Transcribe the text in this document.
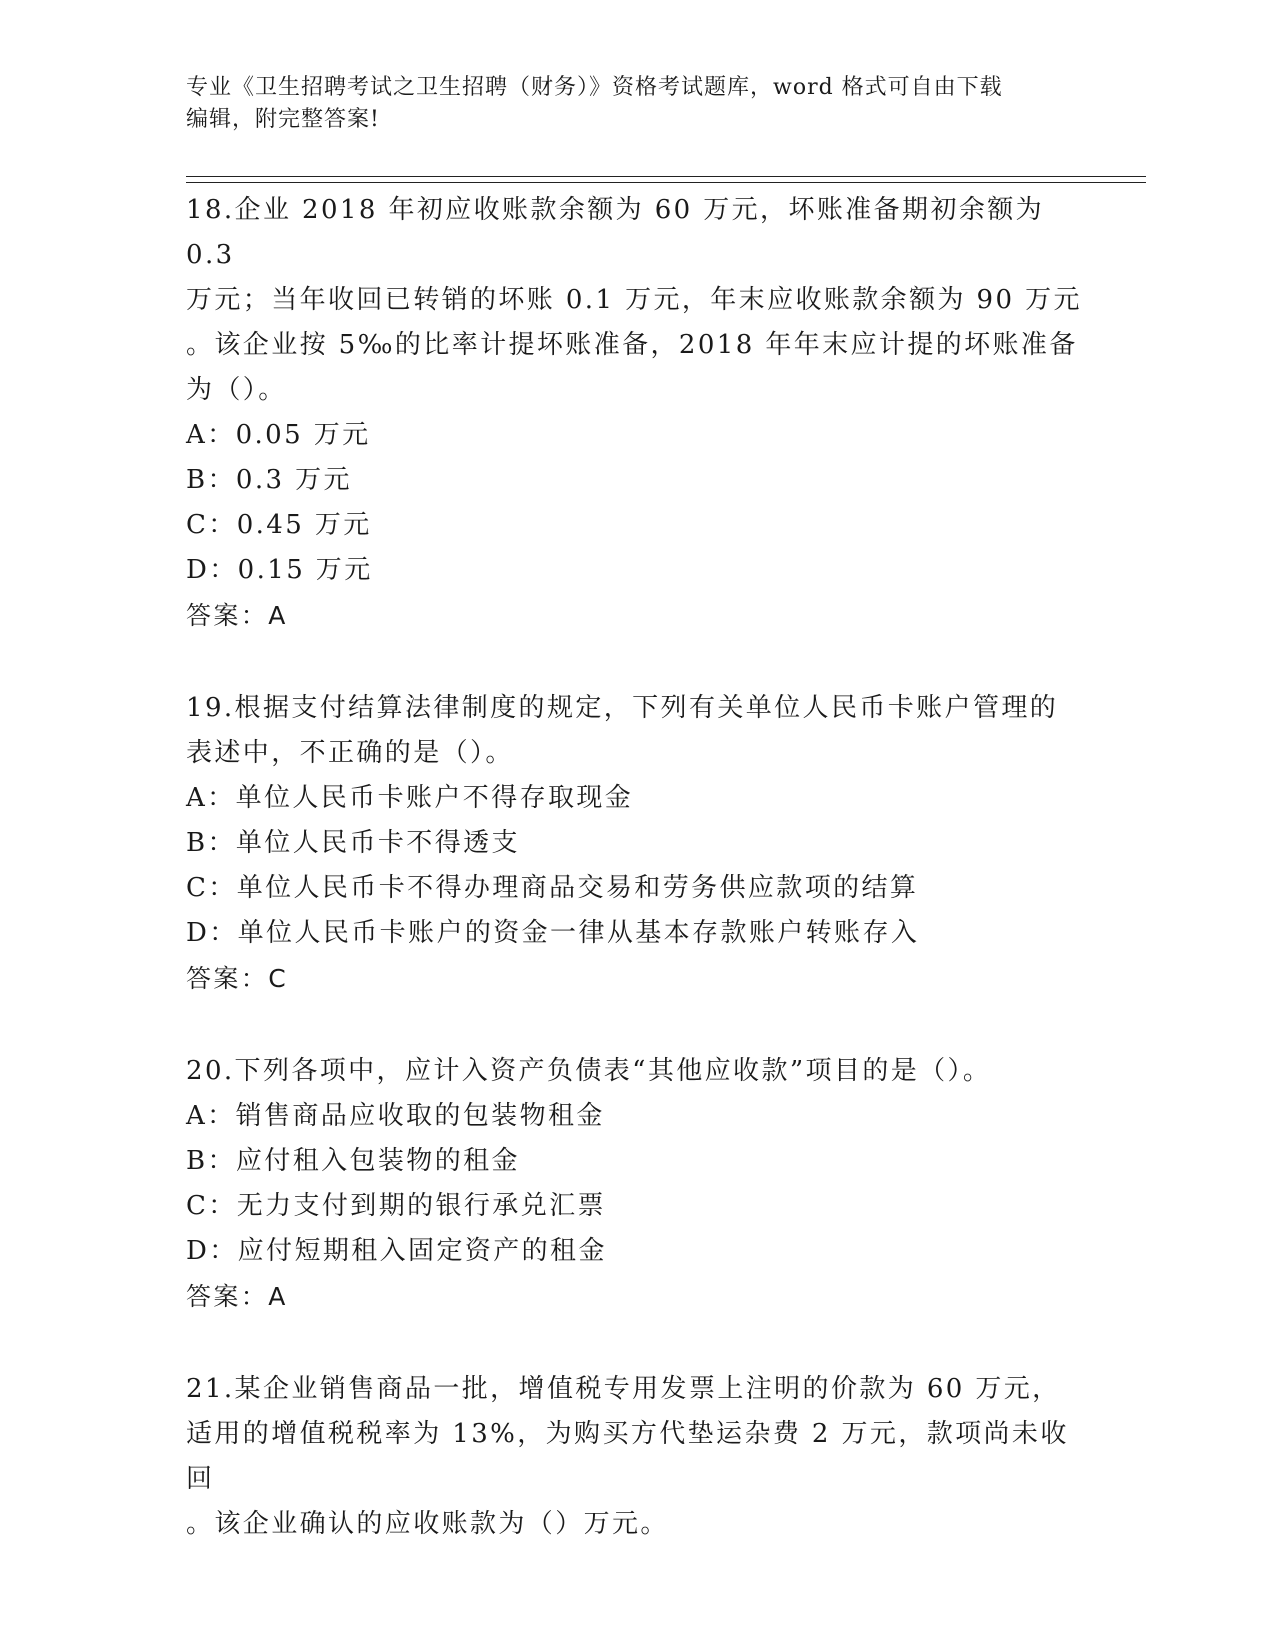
专业《卫生招聘考试之卫生招聘（财务）》资格考试题库，word 格式可自由下载
编辑，附完整答案!
18.企业 2018 年初应收账款余额为 60 万元，坏账准备期初余额为 0.3
万元；当年收回已转销的坏账 0.1 万元，年末应收账款余额为 90 万元
。该企业按 5‰的比率计提坏账准备，2018 年年末应计提的坏账准备
为（）。
A：0.05 万元
B：0.3 万元
C：0.45 万元
D：0.15 万元
答案：A
19.根据支付结算法律制度的规定，下列有关单位人民币卡账户管理的
表述中，不正确的是（）。
A：单位人民币卡账户不得存取现金
B：单位人民币卡不得透支
C：单位人民币卡不得办理商品交易和劳务供应款项的结算
D：单位人民币卡账户的资金一律从基本存款账户转账存入
答案：C
20.下列各项中，应计入资产负债表“其他应收款”项目的是（）。
A：销售商品应收取的包装物租金
B：应付租入包装物的租金
C：无力支付到期的银行承兑汇票
D：应付短期租入固定资产的租金
答案：A
21.某企业销售商品一批，增值税专用发票上注明的价款为 60 万元，
适用的增值税税率为 13%，为购买方代垫运杂费 2 万元，款项尚未收回
。该企业确认的应收账款为（）万元。
